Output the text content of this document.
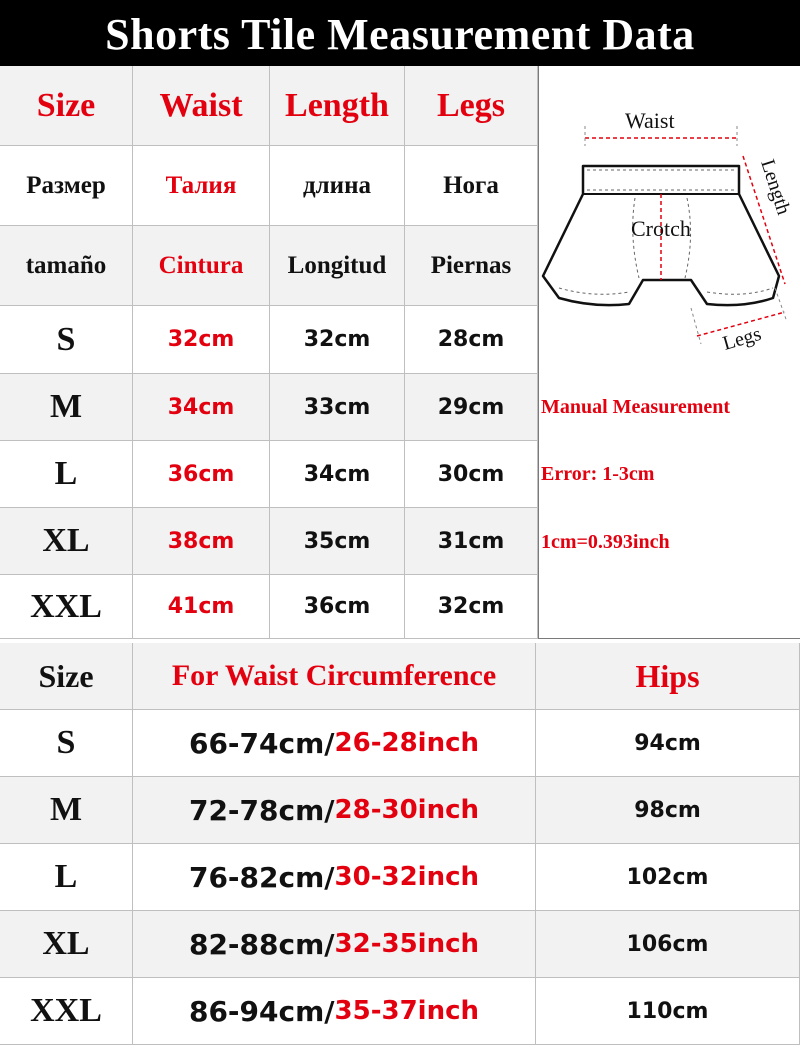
Shorts Tile Measurement Data
Size	Waist	Length	Legs
Размер	Талия	длина	Нога
tamaño	Cintura	Longitud	Piernas
S	32cm	32cm	28cm
M	34cm	33cm	29cm
L	36cm	34cm	30cm
XL	38cm	35cm	31cm
XXL	41cm	36cm	32cm
Waist
Crotch
Length
Legs
Manual Measurement
Error: 1-3cm
1cm=0.393inch
Size	For Waist Circumference	Hips
S	66-74cm/ 26-28inch	94cm
M	72-78cm/ 28-30inch	98cm
L	76-82cm/ 30-32inch	102cm
XL	82-88cm/ 32-35inch	106cm
XXL	86-94cm/ 35-37inch	110cm
